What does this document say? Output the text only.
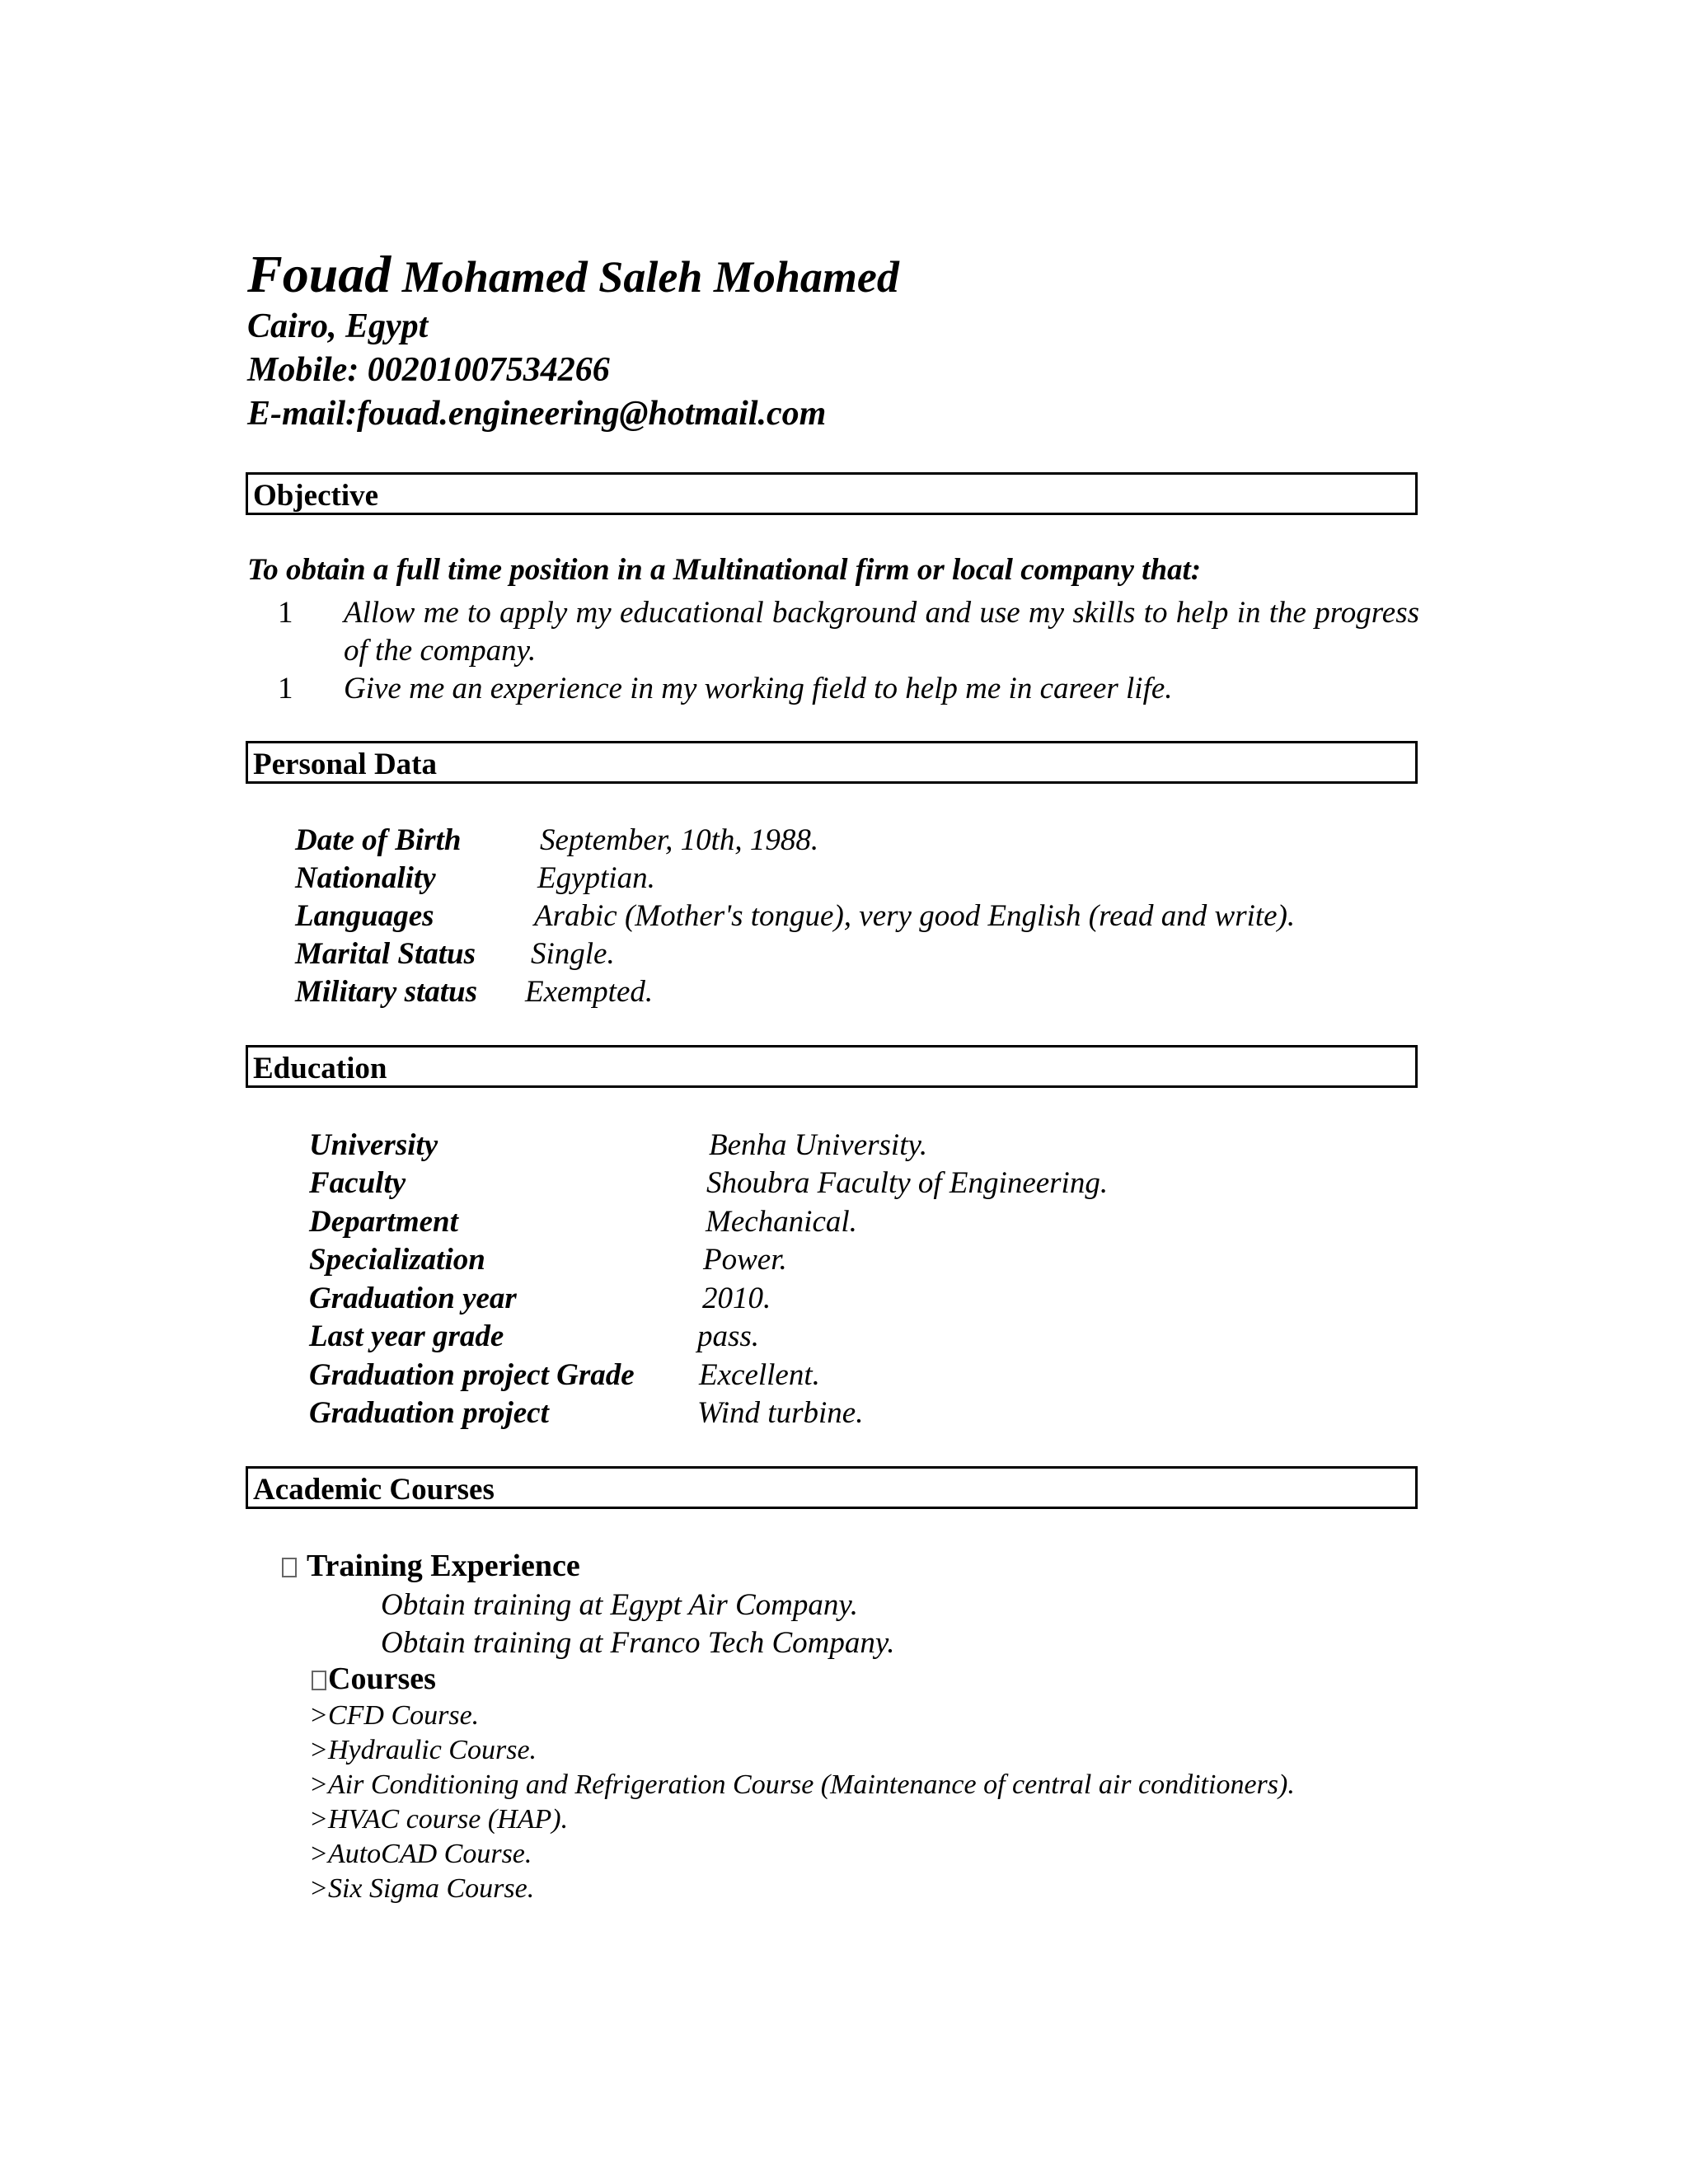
Fouad Mohamed Saleh Mohamed
Cairo, Egypt
Mobile: 00201007534266
E-mail:fouad.engineering@hotmail.com
Objective
To obtain a full time position in a Multinational firm or local company that:
1 Allow me to apply my educational background and use my skills to help in the progress of the company.
1 Give me an experience in my working field to help me in career life.
Personal Data
Date of Birth	September, 10th, 1988.
Nationality	Egyptian.
Languages	Arabic (Mother's tongue), very good English (read and write).
Marital Status Single.
Military status Exempted.
Education
University	Benha University.
Faculty	Shoubra Faculty of Engineering.
Department	Mechanical.
Specialization	Power.
Graduation year	2010.
Last year grade	pass.
Graduation project Grade Excellent.
Graduation project	Wind turbine.
Academic Courses
Training Experience
Obtain training at Egypt Air Company.
Obtain training at Franco Tech Company.
Courses
>CFD Course.
>Hydraulic Course.
>Air Conditioning and Refrigeration Course (Maintenance of central air conditioners).
>HVAC course (HAP).
>AutoCAD Course.
>Six Sigma Course.
